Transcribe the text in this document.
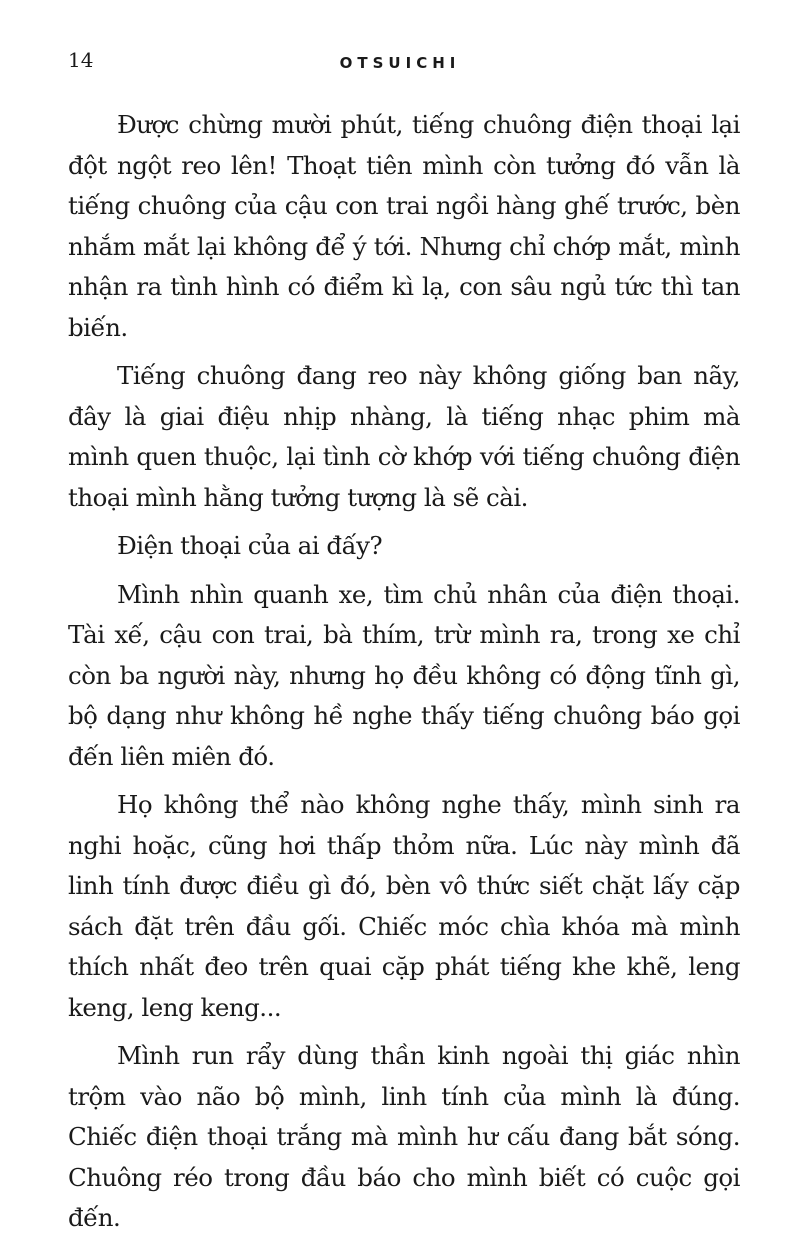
14	OTSUICHI

Được chừng mười phút, tiếng chuông điện thoại lại đột ngột reo lên! Thoạt tiên mình còn tưởng đó vẫn là tiếng chuông của cậu con trai ngồi hàng ghế trước, bèn nhắm mắt lại không để ý tới. Nhưng chỉ chớp mắt, mình nhận ra tình hình có điểm kì lạ, con sâu ngủ tức thì tan biến.

Tiếng chuông đang reo này không giống ban nãy, đây là giai điệu nhịp nhàng, là tiếng nhạc phim mà mình quen thuộc, lại tình cờ khớp với tiếng chuông điện thoại mình hằng tưởng tượng là sẽ cài.

Điện thoại của ai đấy?

Mình nhìn quanh xe, tìm chủ nhân của điện thoại. Tài xế, cậu con trai, bà thím, trừ mình ra, trong xe chỉ còn ba người này, nhưng họ đều không có động tĩnh gì, bộ dạng như không hề nghe thấy tiếng chuông báo gọi đến liên miên đó.

Họ không thể nào không nghe thấy, mình sinh ra nghi hoặc, cũng hơi thấp thỏm nữa. Lúc này mình đã linh tính được điều gì đó, bèn vô thức siết chặt lấy cặp sách đặt trên đầu gối. Chiếc móc chìa khóa mà mình thích nhất đeo trên quai cặp phát tiếng khe khẽ, leng keng, leng keng...

Mình run rẩy dùng thần kinh ngoài thị giác nhìn trộm vào não bộ mình, linh tính của mình là đúng. Chiếc điện thoại trắng mà mình hư cấu đang bắt sóng. Chuông réo trong đầu báo cho mình biết có cuộc gọi đến.
